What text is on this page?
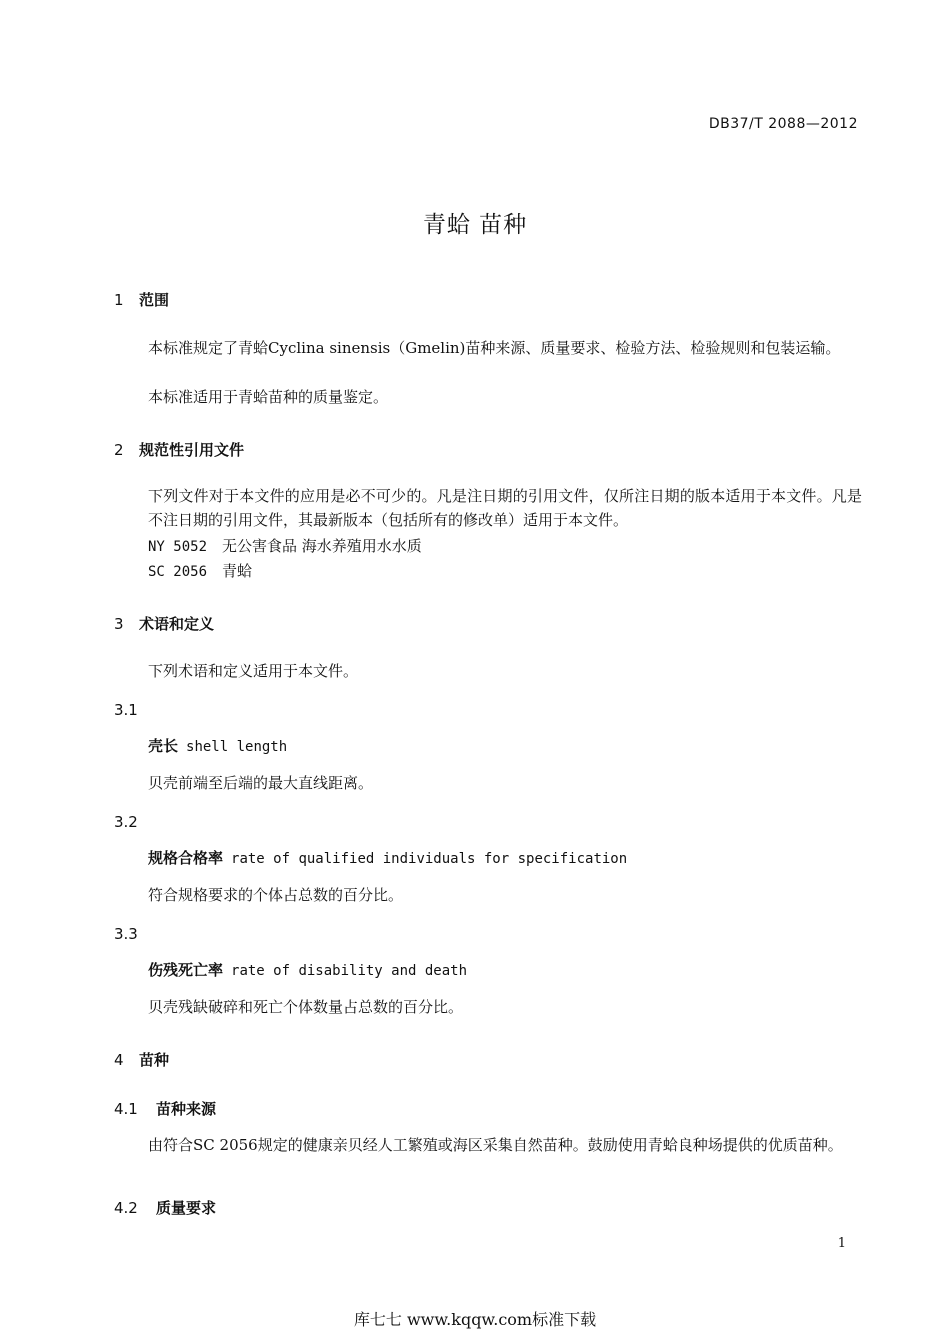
DB37/T 2088—2012
青蛤 苗种
1 范围
本标准规定了青蛤Cyclina sinensis（Gmelin)苗种来源、质量要求、检验方法、检验规则和包装运输。
本标准适用于青蛤苗种的质量鉴定。
2 规范性引用文件
下列文件对于本文件的应用是必不可少的。凡是注日期的引用文件，仅所注日期的版本适用于本文件。凡是不注日期的引用文件，其最新版本（包括所有的修改单）适用于本文件。
NY 5052 无公害食品 海水养殖用水水质
SC 2056 青蛤
3 术语和定义
下列术语和定义适用于本文件。
3.1
壳长 shell length
贝壳前端至后端的最大直线距离。
3.2
规格合格率 rate of qualified individuals for specification
符合规格要求的个体占总数的百分比。
3.3
伤残死亡率 rate of disability and death
贝壳残缺破碎和死亡个体数量占总数的百分比。
4 苗种
4.1 苗种来源
由符合SC 2056规定的健康亲贝经人工繁殖或海区采集自然苗种。鼓励使用青蛤良种场提供的优质苗种。
4.2 质量要求
1
库七七 www.kqqw.com标准下载
